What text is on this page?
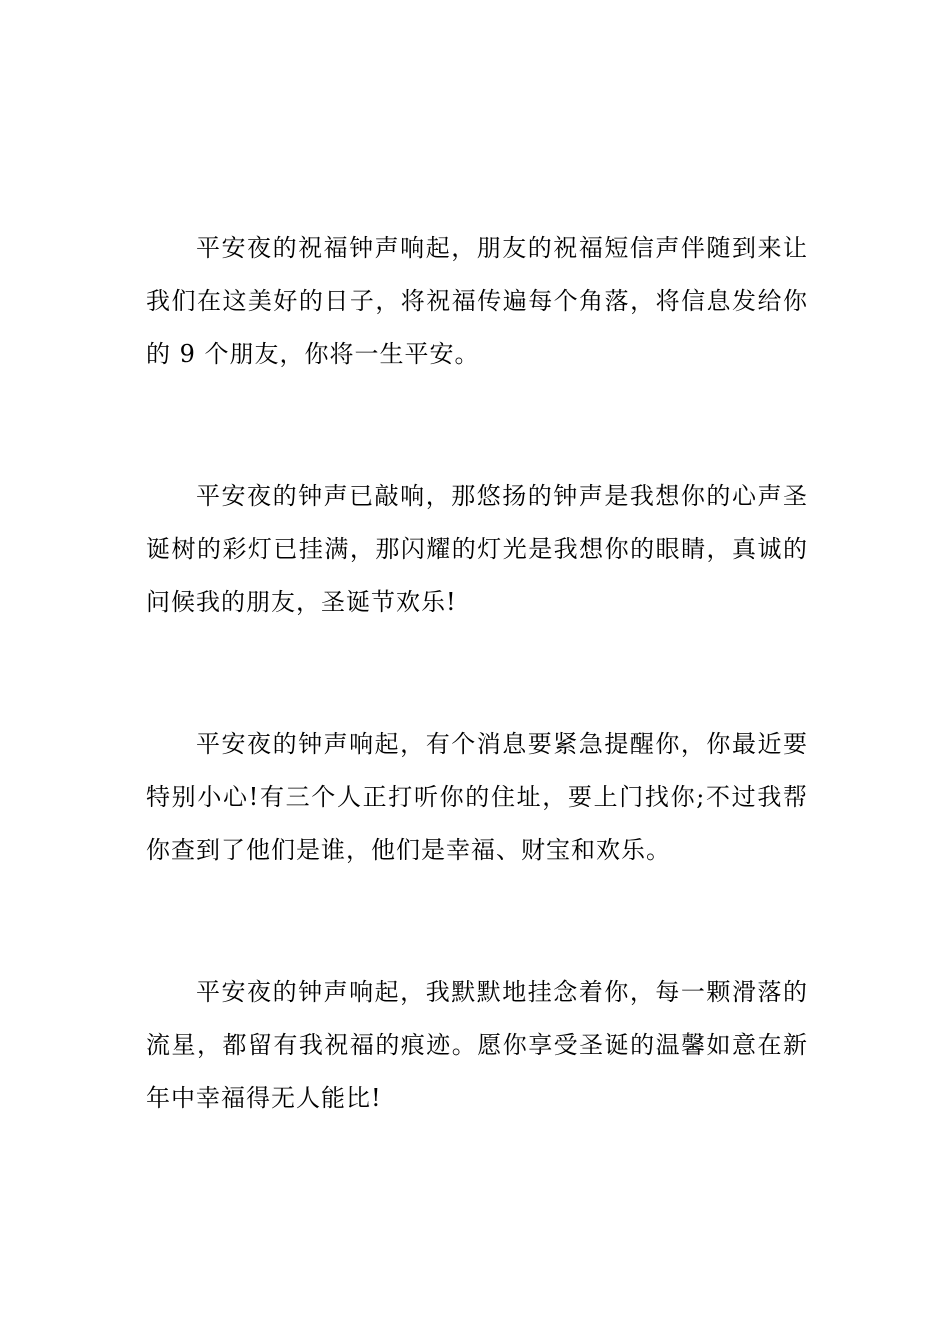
平安夜的祝福钟声响起，朋友的祝福短信声伴随到来让我们在这美好的日子，将祝福传遍每个角落，将信息发给你的 9 个朋友，你将一生平安。

平安夜的钟声已敲响，那悠扬的钟声是我想你的心声圣诞树的彩灯已挂满，那闪耀的灯光是我想你的眼睛，真诚的问候我的朋友，圣诞节欢乐!

平安夜的钟声响起，有个消息要紧急提醒你，你最近要特别小心!有三个人正打听你的住址，要上门找你;不过我帮你查到了他们是谁，他们是幸福、财宝和欢乐。

平安夜的钟声响起，我默默地挂念着你，每一颗滑落的流星，都留有我祝福的痕迹。愿你享受圣诞的温馨如意在新年中幸福得无人能比!
